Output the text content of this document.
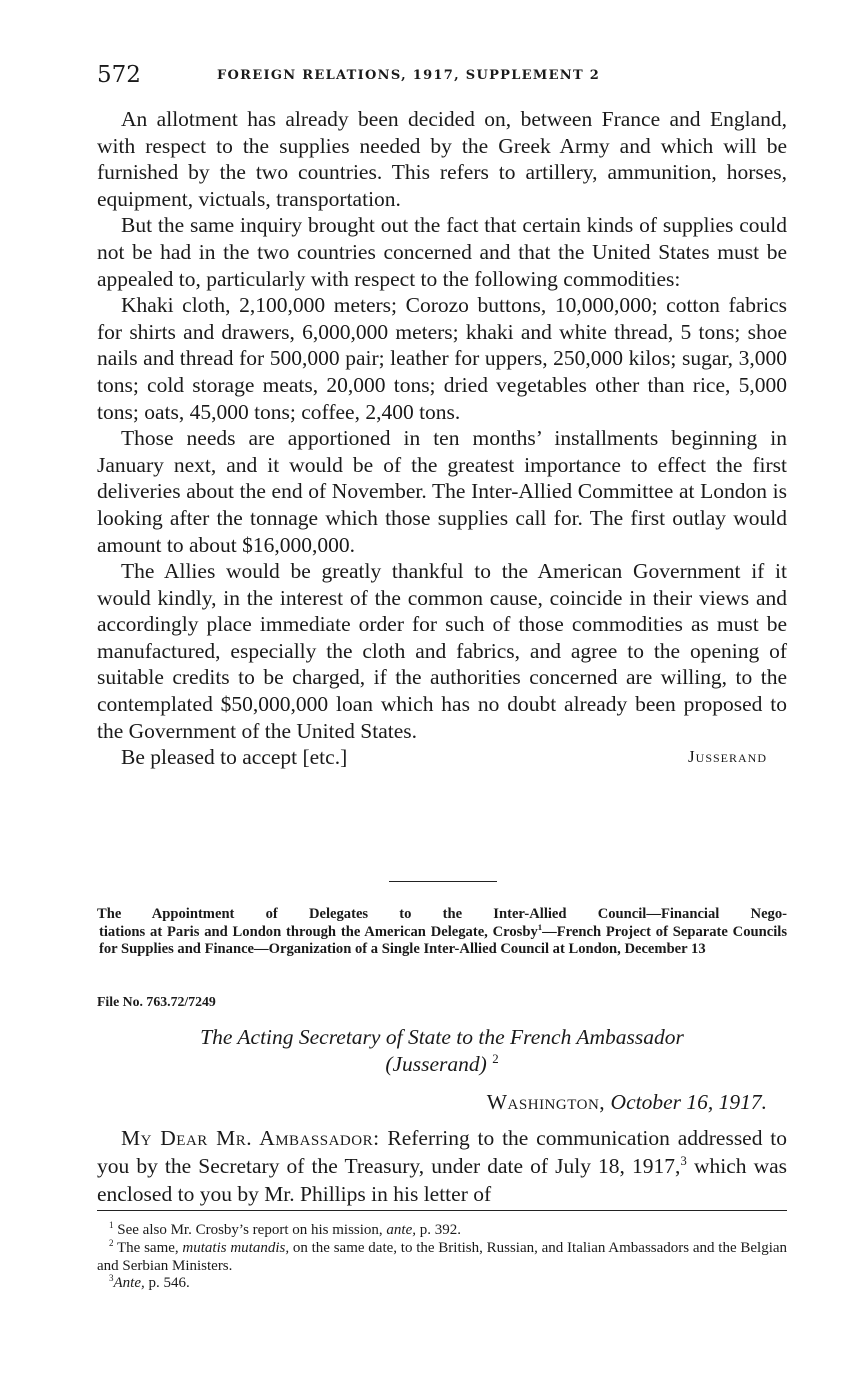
572	FOREIGN RELATIONS, 1917, SUPPLEMENT 2

An allotment has already been decided on, between France and England, with respect to the supplies needed by the Greek Army and which will be furnished by the two countries. This refers to artillery, ammunition, horses, equipment, victuals, transportation.

But the same inquiry brought out the fact that certain kinds of supplies could not be had in the two countries concerned and that the United States must be appealed to, particularly with respect to the following commodities:

Khaki cloth, 2,100,000 meters; Corozo buttons, 10,000,000; cotton fabrics for shirts and drawers, 6,000,000 meters; khaki and white thread, 5 tons; shoe nails and thread for 500,000 pair; leather for uppers, 250,000 kilos; sugar, 3,000 tons; cold storage meats, 20,000 tons; dried vegetables other than rice, 5,000 tons; oats, 45,000 tons; coffee, 2,400 tons.

Those needs are apportioned in ten months’ installments beginning in January next, and it would be of the greatest importance to effect the first deliveries about the end of November. The Inter-Allied Committee at London is looking after the tonnage which those supplies call for. The first outlay would amount to about $16,000,000.

The Allies would be greatly thankful to the American Government if it would kindly, in the interest of the common cause, coincide in their views and accordingly place immediate order for such of those commodities as must be manufactured, especially the cloth and fabrics, and agree to the opening of suitable credits to be charged, if the authorities concerned are willing, to the contemplated $50,000,000 loan which has no doubt already been proposed to the Government of the United States.

Be pleased to accept [etc.]	Jusserand
The Appointment of Delegates to the Inter-Allied Council—Financial Nego-
tiations at Paris and London through the American Delegate, Crosby$^1$—French Project of Separate Councils for Supplies and Finance—Organization of a Single Inter-Allied Council at London, December 13
File No. 763.72/7249
The Acting Secretary of State to the French Ambassador
(Jusserand) $^2$
Washington, October 16, 1917.

My Dear Mr. Ambassador: Referring to the communication addressed to you by the Secretary of the Treasury, under date of July 18, 1917,$^3$ which was enclosed to you by Mr. Phillips in his letter of

$^1$ See also Mr. Crosby’s report on his mission, ante, p. 392.

$^2$ The same, mutatis mutandis, on the same date, to the British, Russian, and Italian Ambassadors and the Belgian and Serbian Ministers.

$^3$Ante, p. 546.
